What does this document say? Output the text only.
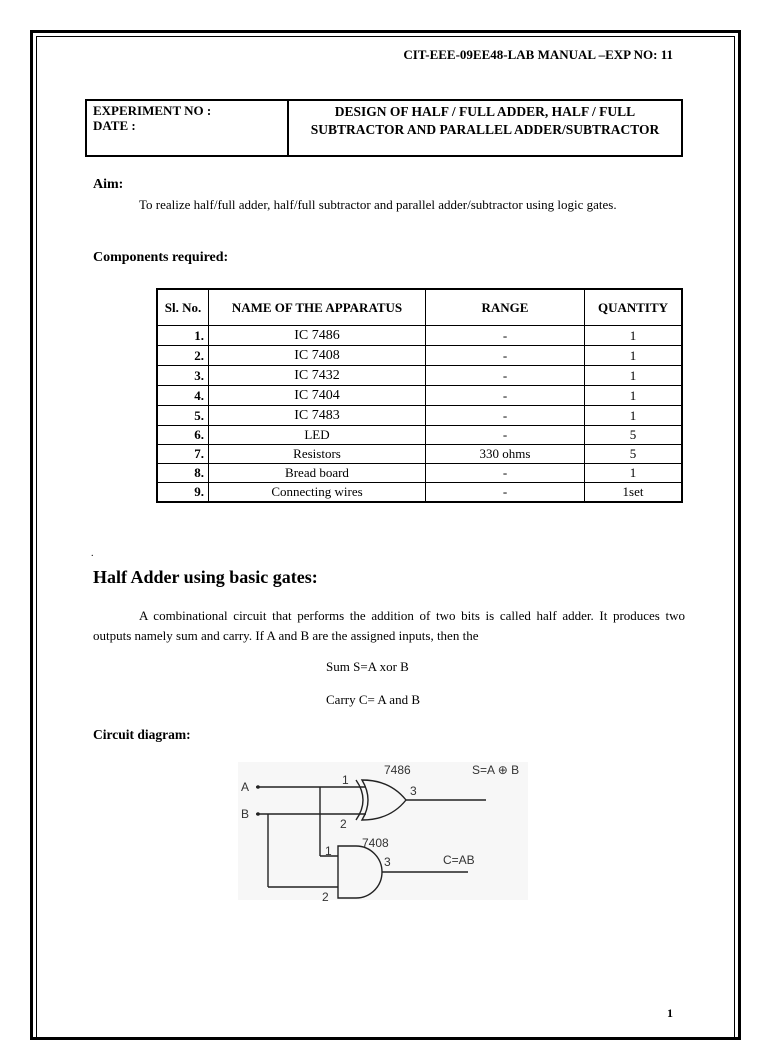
CIT-EEE-09EE48-LAB MANUAL –EXP NO: 11
EXPERIMENT NO :
DATE :
DESIGN OF HALF / FULL ADDER, HALF / FULL SUBTRACTOR AND PARALLEL ADDER/SUBTRACTOR
Aim:
To realize half/full adder, half/full subtractor and parallel adder/subtractor using logic gates.
Components required:
Sl. No.	NAME OF THE APPARATUS	RANGE	QUANTITY
1.	IC 7486	-	1
2.	IC 7408	-	1
3.	IC 7432	-	1
4.	IC 7404	-	1
5.	IC 7483	-	1
6.	LED	-	5
7.	Resistors	330 ohms	5
8.	Bread board	-	1
9.	Connecting wires	-	1set
.
Half Adder using basic gates:
A combinational circuit that performs the addition of two bits is called half adder. It produces two outputs namely sum and carry. If A and B are the assigned inputs, then the
Sum S=A xor B
Carry C= A and B
Circuit diagram:
A
B
7486
1
2
3
S=A ⊕ B
7408
1
2
3	C=AB
1
